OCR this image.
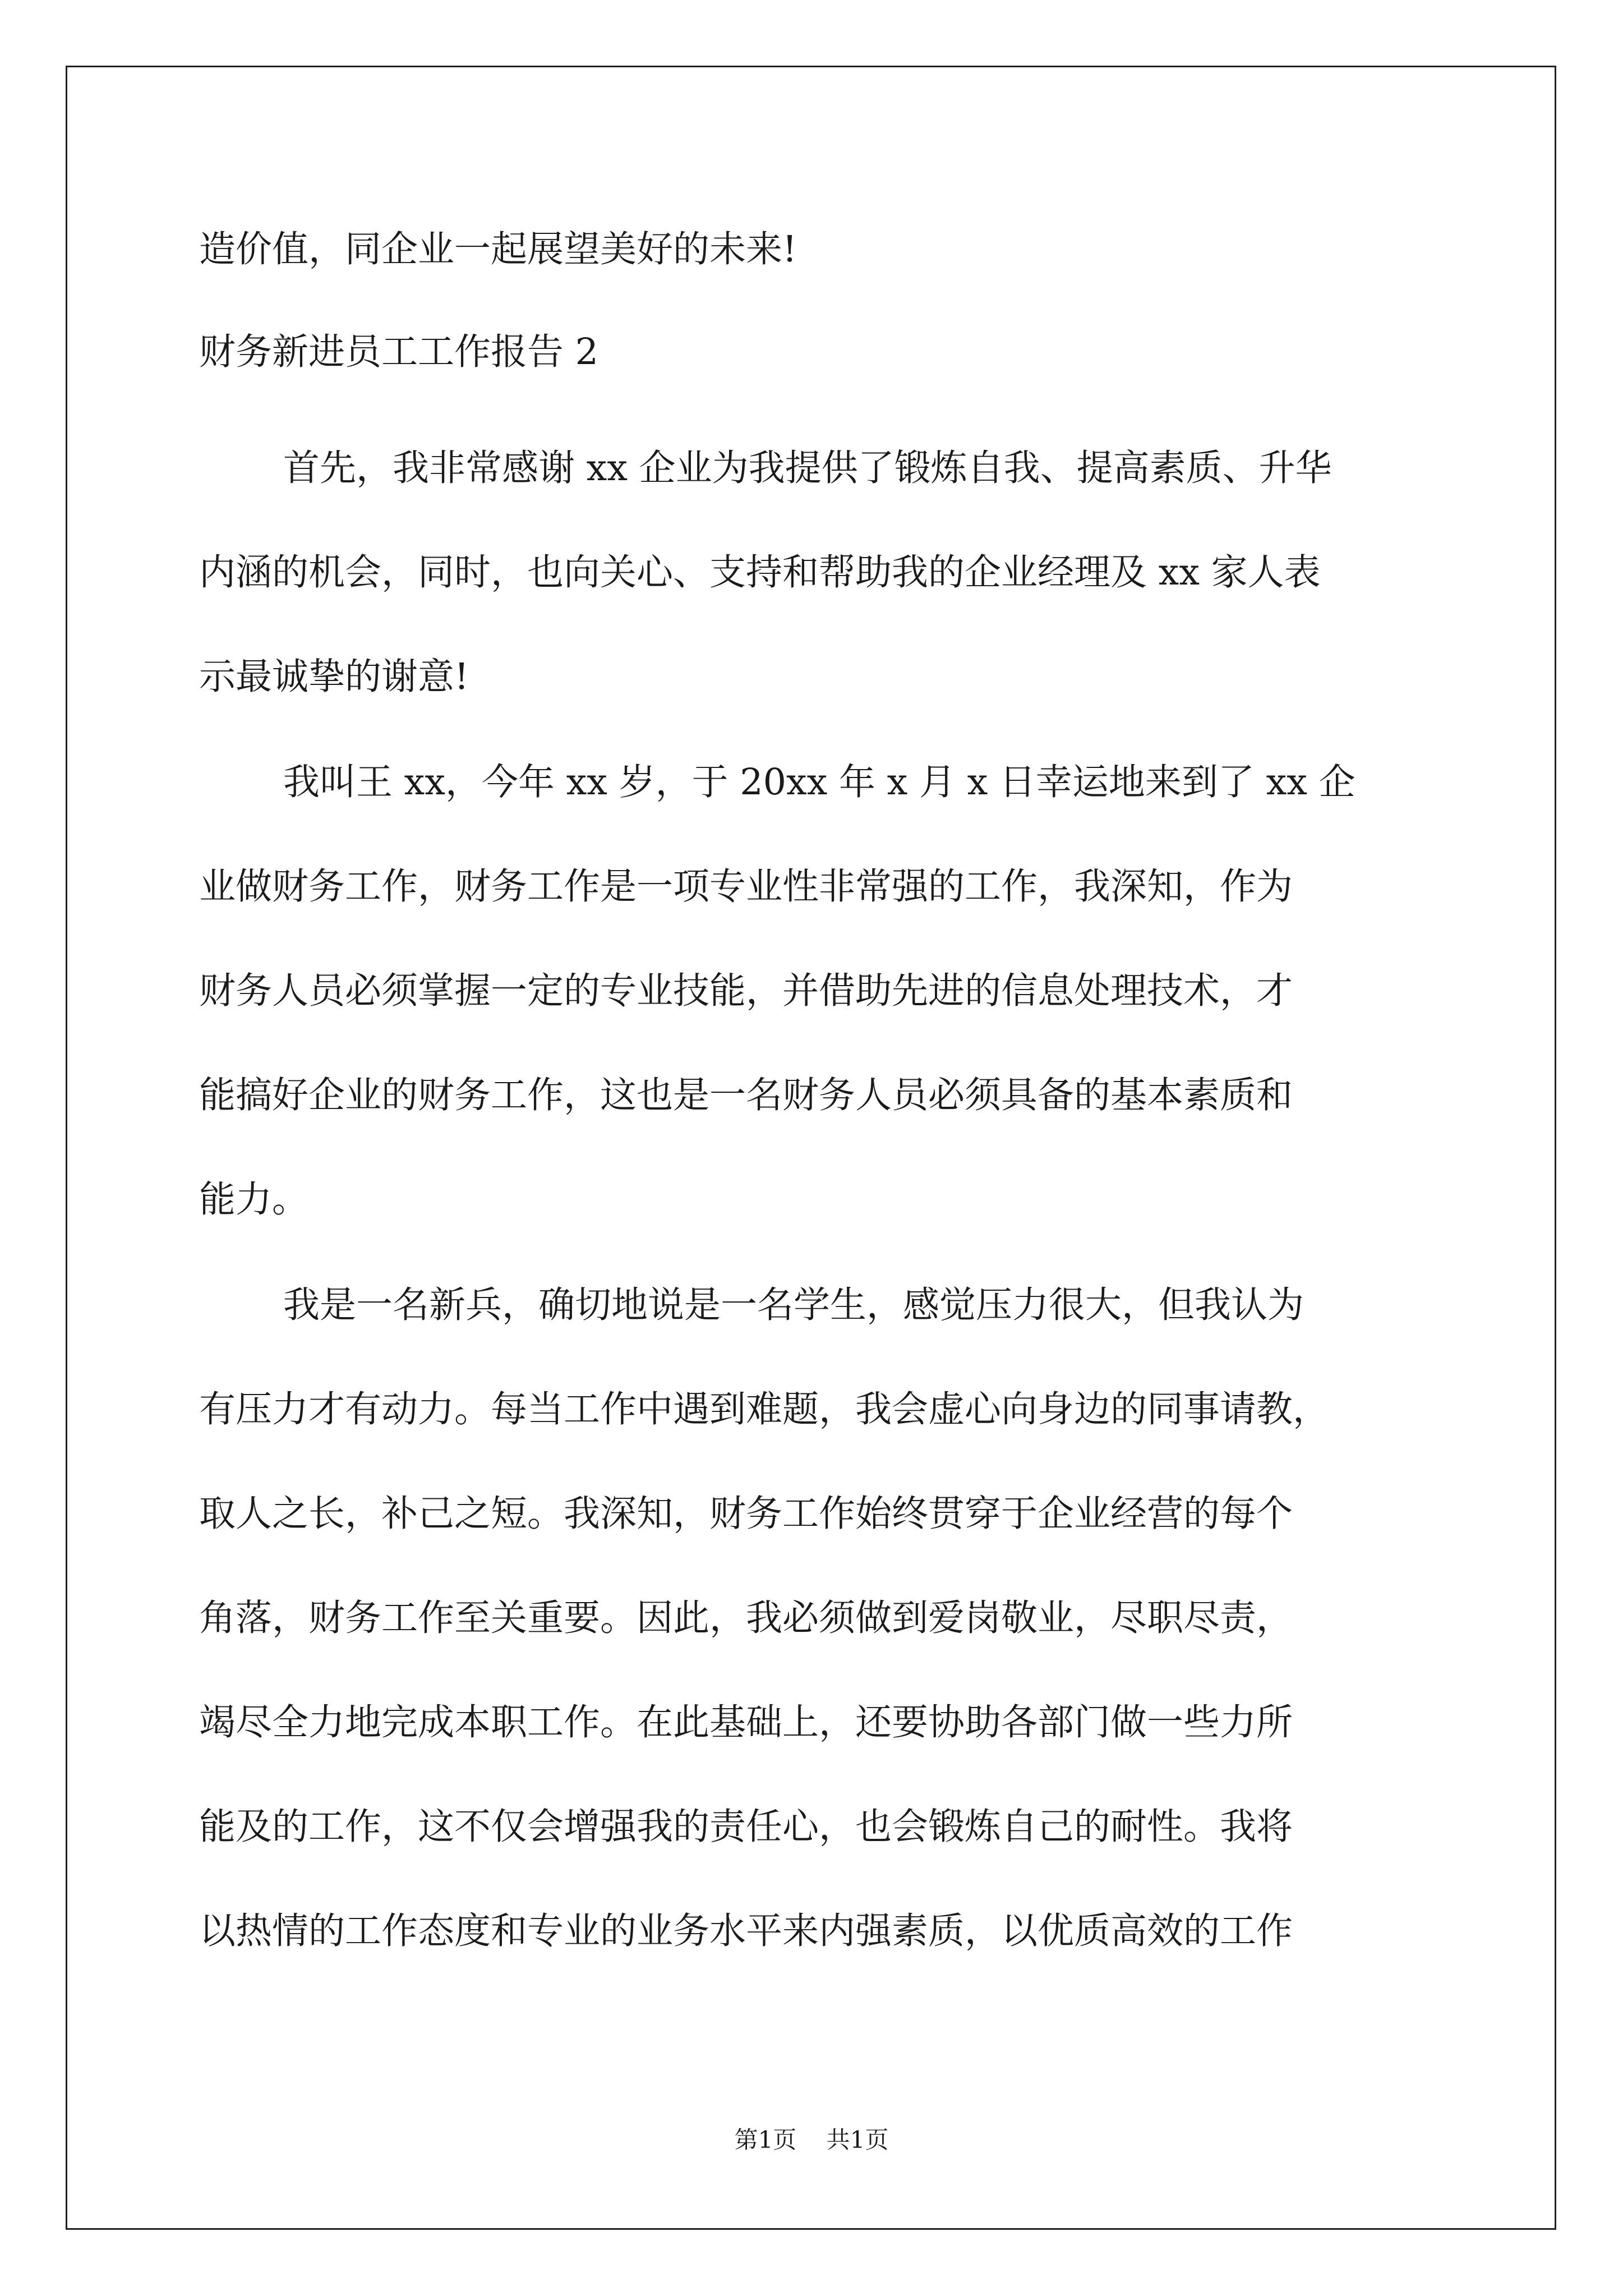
造价值，同企业一起展望美好的未来!
财务新进员工工作报告 2
首先，我非常感谢 xx 企业为我提供了锻炼自我、提高素质、升华
内涵的机会，同时，也向关心、支持和帮助我的企业经理及 xx 家人表
示最诚挚的谢意!
我叫王 xx，今年 xx 岁，于 20xx 年 x 月 x 日幸运地来到了 xx 企
业做财务工作，财务工作是一项专业性非常强的工作，我深知，作为
财务人员必须掌握一定的专业技能，并借助先进的信息处理技术，才
能搞好企业的财务工作，这也是一名财务人员必须具备的基本素质和
能力。
我是一名新兵，确切地说是一名学生，感觉压力很大，但我认为
有压力才有动力。每当工作中遇到难题，我会虚心向身边的同事请教，
取人之长，补己之短。我深知，财务工作始终贯穿于企业经营的每个
角落，财务工作至关重要。因此，我必须做到爱岗敬业，尽职尽责，
竭尽全力地完成本职工作。在此基础上，还要协助各部门做一些力所
能及的工作，这不仅会增强我的责任心，也会锻炼自己的耐性。我将
以热情的工作态度和专业的业务水平来内强素质，以优质高效的工作
第1页 共1页
